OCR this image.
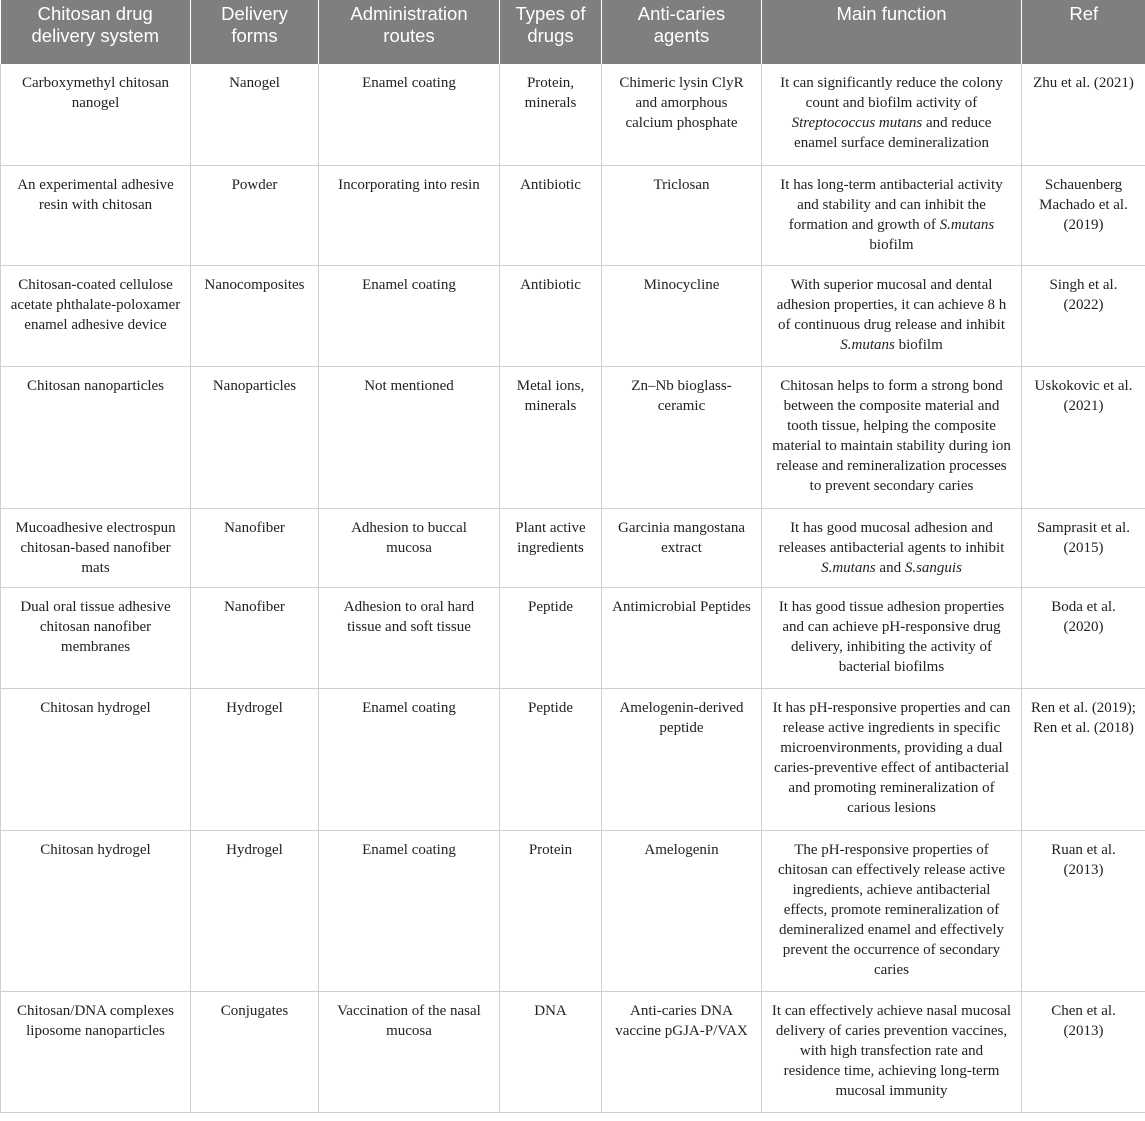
Chitosan drug delivery system	Delivery forms	Administration routes	Types of drugs	Anti-caries agents	Main function	Ref
Carboxymethyl chitosan nanogel	Nanogel	Enamel coating	Protein, minerals	Chimeric lysin ClyR and amorphous calcium phosphate	It can significantly reduce the colony count and biofilm activity of Streptococcus mutans and reduce enamel surface demineralization	Zhu et al. (2021)
An experimental adhesive resin with chitosan	Powder	Incorporating into resin	Antibiotic	Triclosan	It has long-term antibacterial activity and stability and can inhibit the formation and growth of S.mutans biofilm	Schauenberg Machado et al. (2019)
Chitosan-coated cellulose acetate phthalate-poloxamer enamel adhesive device	Nanocomposites	Enamel coating	Antibiotic	Minocycline	With superior mucosal and dental adhesion properties, it can achieve 8 h of continuous drug release and inhibit S.mutans biofilm	Singh et al. (2022)
Chitosan nanoparticles	Nanoparticles	Not mentioned	Metal ions, minerals	Zn–Nb bioglass-ceramic	Chitosan helps to form a strong bond between the composite material and tooth tissue, helping the composite material to maintain stability during ion release and remineralization processes to prevent secondary caries	Uskokovic et al. (2021)
Mucoadhesive electrospun chitosan-based nanofiber mats	Nanofiber	Adhesion to buccal mucosa	Plant active ingredients	Garcinia mangostana extract	It has good mucosal adhesion and releases antibacterial agents to inhibit S.mutans and S.sanguis	Samprasit et al. (2015)
Dual oral tissue adhesive chitosan nanofiber membranes	Nanofiber	Adhesion to oral hard tissue and soft tissue	Peptide	Antimicrobial Peptides	It has good tissue adhesion properties and can achieve pH-responsive drug delivery, inhibiting the activity of bacterial biofilms	Boda et al. (2020)
Chitosan hydrogel	Hydrogel	Enamel coating	Peptide	Amelogenin-derived peptide	It has pH-responsive properties and can release active ingredients in specific microenvironments, providing a dual caries-preventive effect of antibacterial and promoting remineralization of carious lesions	Ren et al. (2019); Ren et al. (2018)
Chitosan hydrogel	Hydrogel	Enamel coating	Protein	Amelogenin	The pH-responsive properties of chitosan can effectively release active ingredients, achieve antibacterial effects, promote remineralization of demineralized enamel and effectively prevent the occurrence of secondary caries	Ruan et al. (2013)
Chitosan/DNA complexes liposome nanoparticles	Conjugates	Vaccination of the nasal mucosa	DNA	Anti-caries DNA vaccine pGJA-P/VAX	It can effectively achieve nasal mucosal delivery of caries prevention vaccines, with high transfection rate and residence time, achieving long-term mucosal immunity	Chen et al. (2013)
